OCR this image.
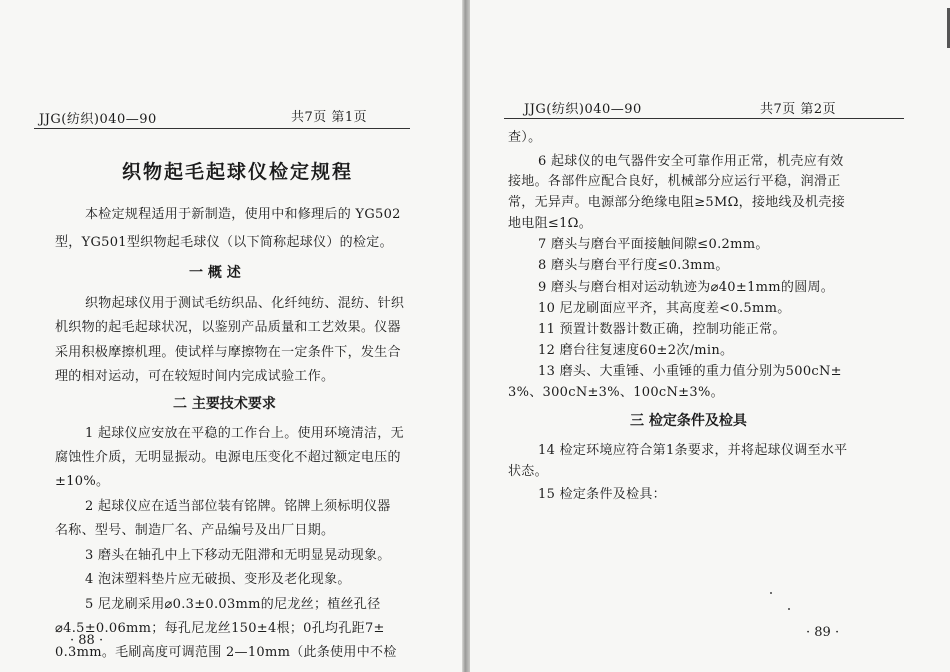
JJG(纺织)040—90	共7页 第1页
织物起毛起球仪检定规程
本检定规程适用于新制造，使用中和修理后的 YG502
型，YG501型织物起毛球仪（以下简称起球仪）的检定。
一 概 述
织物起球仪用于测试毛纺织品、化纤纯纺、混纺、针织
机织物的起毛起球状况，以鉴别产品质量和工艺效果。仪器
采用积极摩擦机理。使试样与摩擦物在一定条件下，发生合
理的相对运动，可在较短时间内完成试验工作。
二 主要技术要求
1 起球仪应安放在平稳的工作台上。使用环境清洁，无
腐蚀性介质，无明显振动。电源电压变化不超过额定电压的
±10%。
2 起球仪应在适当部位装有铭牌。铭牌上须标明仪器
名称、型号、制造厂名、产品编号及出厂日期。
3 磨头在轴孔中上下移动无阻滞和无明显晃动现象。
4 泡沫塑料垫片应无破损、变形及老化现象。
5 尼龙刷采用⌀0.3±0.03mm的尼龙丝；植丝孔径
⌀4.5±0.06mm；每孔尼龙丝150±4根；0孔均孔距7±
0.3mm。毛刷高度可调范围 2—10mm（此条使用中不检
· 88 ·
JJG(纺织)040—90	共7页 第2页
查）。
6 起球仪的电气器件安全可靠作用正常，机壳应有效
接地。各部件应配合良好，机械部分应运行平稳，润滑正
常，无异声。电源部分绝缘电阻≥5MΩ，接地线及机壳接
地电阻≤1Ω。
7 磨头与磨台平面接触间隙≤0.2mm。
8 磨头与磨台平行度≤0.3mm。
9 磨头与磨台相对运动轨迹为⌀40±1mm的圆周。
10 尼龙刷面应平齐，其高度差<0.5mm。
11 预置计数器计数正确，控制功能正常。
12 磨台往复速度60±2次/min。
13 磨头、大重锤、小重锤的重力值分别为500cN±
3%、300cN±3%、100cN±3%。
三 检定条件及检具
14 检定环境应符合第1条要求，并将起球仪调至水平
状态。
15 检定条件及检具：
· 89 ·
